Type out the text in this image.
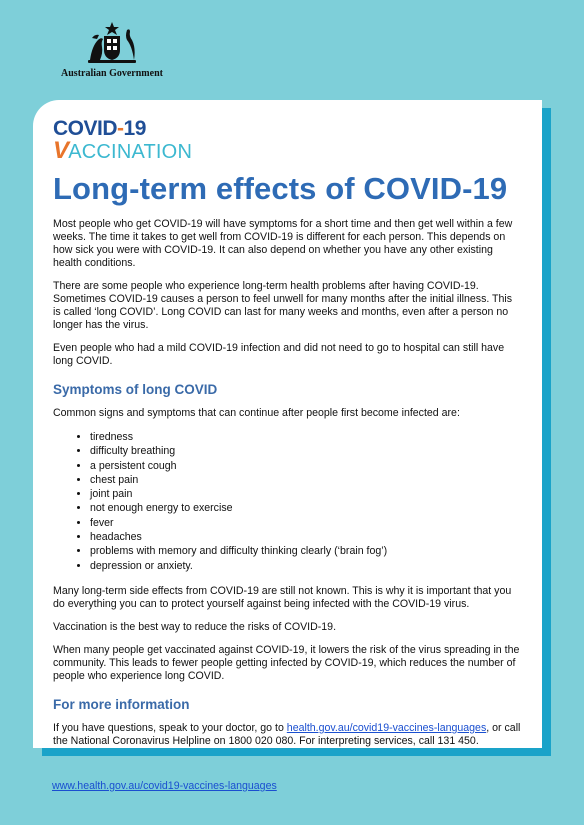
Australian Government
COVID-19
VACCINATION
Long-term effects of COVID-19

Most people who get COVID-19 will have symptoms for a short time and then get well within a few weeks. The time it takes to get well from COVID-19 is different for each person. This depends on how sick you were with COVID-19. It can also depend on whether you have any other existing health conditions.

There are some people who experience long-term health problems after having COVID-19. Sometimes COVID-19 causes a person to feel unwell for many months after the initial illness. This is called ‘long COVID’. Long COVID can last for many weeks and months, even after a person no longer has the virus.

Even people who had a mild COVID-19 infection and did not need to go to hospital can still have long COVID.

Symptoms of long COVID

Common signs and symptoms that can continue after people first become infected are:

• tiredness
• difficulty breathing
• a persistent cough
• chest pain
• joint pain
• not enough energy to exercise
• fever
• headaches
• problems with memory and difficulty thinking clearly (‘brain fog’)
• depression or anxiety.

Many long-term side effects from COVID-19 are still not known. This is why it is important that you do everything you can to protect yourself against being infected with the COVID-19 virus.

Vaccination is the best way to reduce the risks of COVID-19.

When many people get vaccinated against COVID-19, it lowers the risk of the virus spreading in the community. This leads to fewer people getting infected by COVID-19, which reduces the number of people who experience long COVID.

For more information

If you have questions, speak to your doctor, go to health.gov.au/covid19-vaccines-languages, or call the National Coronavirus Helpline on 1800 020 080. For interpreting services, call 131 450.

www.health.gov.au/covid19-vaccines-languages
